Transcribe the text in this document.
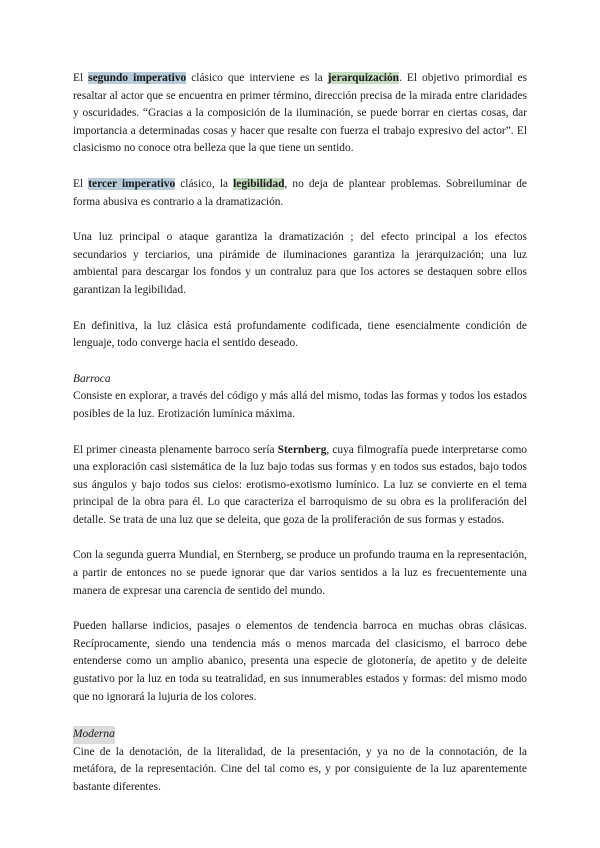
El segundo imperativo clásico que interviene es la jerarquización. El objetivo primordial es resaltar al actor que se encuentra en primer término, dirección precisa de la mirada entre claridades y oscuridades. “Gracias a la composición de la iluminación, se puede borrar en ciertas cosas, dar importancia a determinadas cosas y hacer que resalte con fuerza el trabajo expresivo del actor”. El clasicismo no conoce otra belleza que la que tiene un sentido.

El tercer imperativo clásico, la legibilidad, no deja de plantear problemas. Sobreiluminar de forma abusiva es contrario a la dramatización.

Una luz principal o ataque garantiza la dramatización ; del efecto principal a los efectos secundarios y terciarios, una pirámide de iluminaciones garantiza la jerarquización; una luz ambiental para descargar los fondos y un contraluz para que los actores se destaquen sobre ellos garantizan la legibilidad.

En definitiva, la luz clásica está profundamente codificada, tiene esencialmente condición de lenguaje, todo converge hacia el sentido deseado.

Barroca

Consiste en explorar, a través del código y más allá del mismo, todas las formas y todos los estados posibles de la luz. Erotización lumínica máxima.

El primer cineasta plenamente barroco sería Sternberg, cuya filmografía puede interpretarse como una exploración casi sistemática de la luz bajo todas sus formas y en todos sus estados, bajo todos sus ángulos y bajo todos sus cielos: erotismo-exotismo lumínico. La luz se convierte en el tema principal de la obra para él. Lo que caracteriza el barroquismo de su obra es la proliferación del detalle. Se trata de una luz que se deleita, que goza de la proliferación de sus formas y estados.

Con la segunda guerra Mundial, en Sternberg, se produce un profundo trauma en la representación, a partir de entonces no se puede ignorar que dar varios sentidos a la luz es frecuentemente una manera de expresar una carencia de sentido del mundo.

Pueden hallarse indicios, pasajes o elementos de tendencia barroca en muchas obras clásicas. Recíprocamente, siendo una tendencia más o menos marcada del clasicismo, el barroco debe entenderse como un amplio abanico, presenta una especie de glotonería, de apetito y de deleite gustativo por la luz en toda su teatralidad, en sus innumerables estados y formas: del mismo modo que no ignorará la lujuria de los colores.

Moderna

Cine de la denotación, de la literalidad, de la presentación, y ya no de la connotación, de la metáfora, de la representación. Cine del tal como es, y por consiguiente de la luz aparentemente bastante diferentes.
